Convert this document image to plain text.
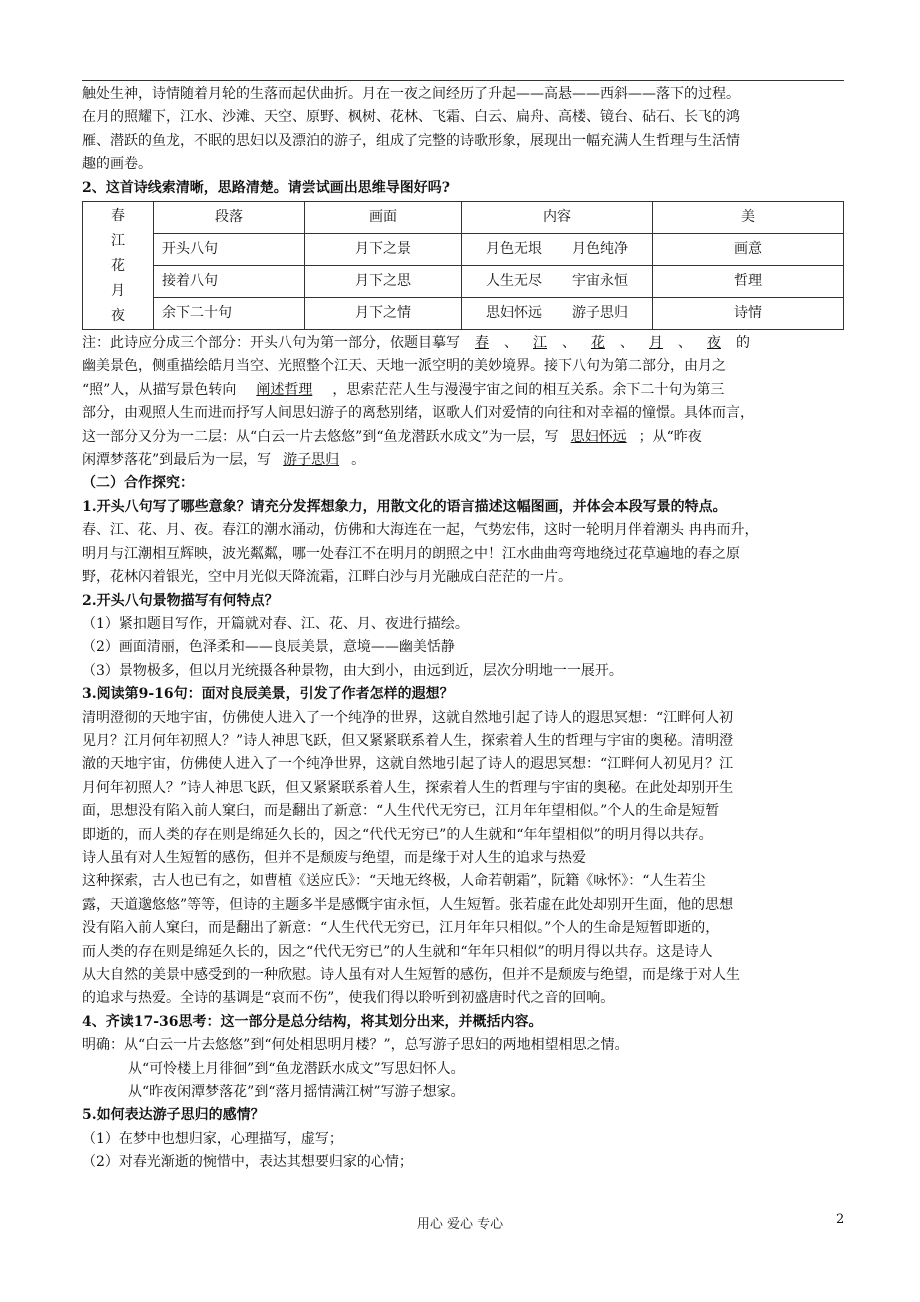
触处生神，诗情随着月轮的生落而起伏曲折。月在一夜之间经历了升起——高悬——西斜——落下的过程。

在月的照耀下，江水、沙滩、天空、原野、枫树、花林、飞霜、白云、扁舟、高楼、镜台、砧石、长飞的鸿

雁、潜跃的鱼龙，不眠的思妇以及漂泊的游子，组成了完整的诗歌形象，展现出一幅充满人生哲理与生活情

趣的画卷。

2、这首诗线索清晰，思路清楚。请尝试画出思维导图好吗?

春
江
花
月
夜	段落	画面	内容	美
	开头八句	月下之景	月色无垠 月色纯净	画意
	接着八句	月下之思	人生无尽 宇宙永恒	哲理
	余下二十句	月下之情	思妇怀远 游子思归	诗情

注：此诗应分成三个部分：开头八句为第一部分，依题目摹写 春 、 江 、 花 、 月 、 夜 的

幽美景色，侧重描绘皓月当空、光照整个江天、天地一派空明的美妙境界。接下八句为第二部分，由月之

“照”人，从描写景色转向 阐述哲理 ，思索茫茫人生与漫漫宇宙之间的相互关系。余下二十句为第三

部分，由观照人生而进而抒写人间思妇游子的离愁别绪，讴歌人们对爱情的向往和对幸福的憧憬。具体而言，

这一部分又分为一二层：从“白云一片去悠悠”到“鱼龙潜跃水成文”为一层，写 思妇怀远 ；从“昨夜

闲潭梦落花”到最后为一层，写 游子思归 。

（二）合作探究：

1.开头八句写了哪些意象？请充分发挥想象力，用散文化的语言描述这幅图画，并体会本段写景的特点。

春、江、花、月、夜。春江的潮水涌动，仿佛和大海连在一起，气势宏伟，这时一轮明月伴着潮头 冉冉而升，

明月与江潮相互辉映，波光粼粼，哪一处春江不在明月的朗照之中！江水曲曲弯弯地绕过花草遍地的春之原

野，花林闪着银光，空中月光似天降流霜，江畔白沙与月光融成白茫茫的一片。

2.开头八句景物描写有何特点？

（1）紧扣题目写作，开篇就对春、江、花、月、夜进行描绘。

（2）画面清丽，色泽柔和——良辰美景，意境——幽美恬静

（3）景物极多，但以月光统摄各种景物，由大到小，由远到近，层次分明地一一展开。

3.阅读第9-16句：面对良辰美景，引发了作者怎样的遐想？

清明澄彻的天地宇宙，仿佛使人进入了一个纯净的世界，这就自然地引起了诗人的遐思冥想：“江畔何人初

见月？江月何年初照人？”诗人神思飞跃，但又紧紧联系着人生，探索着人生的哲理与宇宙的奥秘。清明澄

澈的天地宇宙，仿佛使人进入了一个纯净世界，这就自然地引起了诗人的遐思冥想：“江畔何人初见月？江

月何年初照人？”诗人神思飞跃，但又紧紧联系着人生，探索着人生的哲理与宇宙的奥秘。在此处却别开生

面，思想没有陷入前人窠臼，而是翻出了新意：“人生代代无穷已，江月年年望相似。”个人的生命是短暂

即逝的，而人类的存在则是绵延久长的，因之“代代无穷已”的人生就和“年年望相似”的明月得以共存。

诗人虽有对人生短暂的感伤，但并不是颓废与绝望，而是缘于对人生的追求与热爱

这种探索，古人也已有之，如曹植《送应氏》：“天地无终极，人命若朝霜”，阮籍《咏怀》：“人生若尘

露，天道邈悠悠”等等，但诗的主题多半是感慨宇宙永恒，人生短暂。张若虚在此处却别开生面，他的思想

没有陷入前人窠臼，而是翻出了新意：“人生代代无穷已，江月年年只相似。”个人的生命是短暂即逝的，

而人类的存在则是绵延久长的，因之“代代无穷已”的人生就和“年年只相似”的明月得以共存。这是诗人

从大自然的美景中感受到的一种欣慰。诗人虽有对人生短暂的感伤，但并不是颓废与绝望，而是缘于对人生

的追求与热爱。全诗的基调是“哀而不伤”，使我们得以聆听到初盛唐时代之音的回响。

4、齐读17-36思考：这一部分是总分结构，将其划分出来，并概括内容。

明确：从“白云一片去悠悠”到“何处相思明月楼？”，总写游子思妇的两地相望相思之情。

从“可怜楼上月徘徊”到“鱼龙潜跃水成文”写思妇怀人。

从“昨夜闲潭梦落花”到“落月摇情满江树”写游子想家。

5.如何表达游子思归的感情？

（1）在梦中也想归家，心理描写，虚写；

（2）对春光渐逝的惋惜中，表达其想要归家的心情；

用心 爱心 专心	2
